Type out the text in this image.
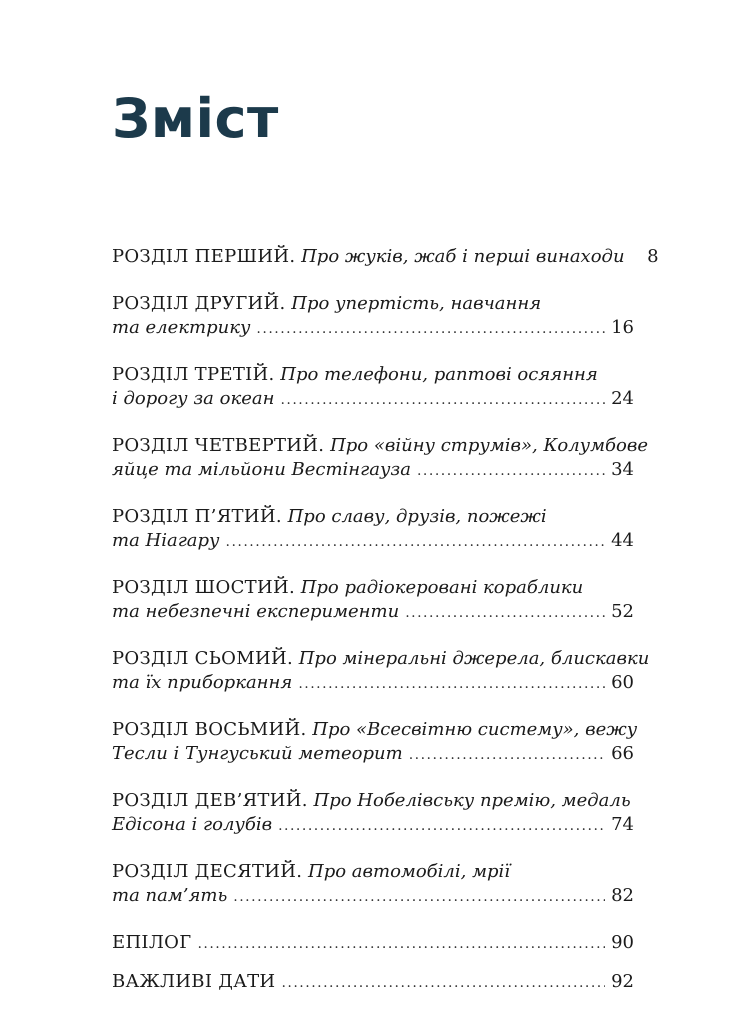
Зміст
РОЗДІЛ ПЕРШИЙ.
Про жуків, жаб і перші винаходи	8
РОЗДІЛ ДРУГИЙ.
Про упертість, навчання
та електрику .....	16
РОЗДІЛ ТРЕТІЙ.
Про телефони, раптові осяяння
і дорогу за океан .....	24
РОЗДІЛ ЧЕТВЕРТИЙ.
Про «війну струмів», Колумбове
яйце та мільйони Вестінгауза .....	34
РОЗДІЛ П’ЯТИЙ.
Про славу, друзів, пожежі
та Ніагару .....	44
РОЗДІЛ ШОСТИЙ.
Про радіокеровані кораблики
та небезпечні експерименти .....	52
РОЗДІЛ СЬОМИЙ.
Про мінеральні джерела, блискавки
та їх приборкання .....	60
РОЗДІЛ ВОСЬМИЙ.
Про «Всесвітню систему», вежу
Тесли і Тунгуський метеорит .....	66
РОЗДІЛ ДЕВ’ЯТИЙ.
Про Нобелівську премію, медаль
Едісона і голубів .....	74
РОЗДІЛ ДЕСЯТИЙ.
Про автомобілі, мрії
та пам’ять .....	82
ЕПІЛОГ .....	90
ВАЖЛИВІ ДАТИ .....	92
